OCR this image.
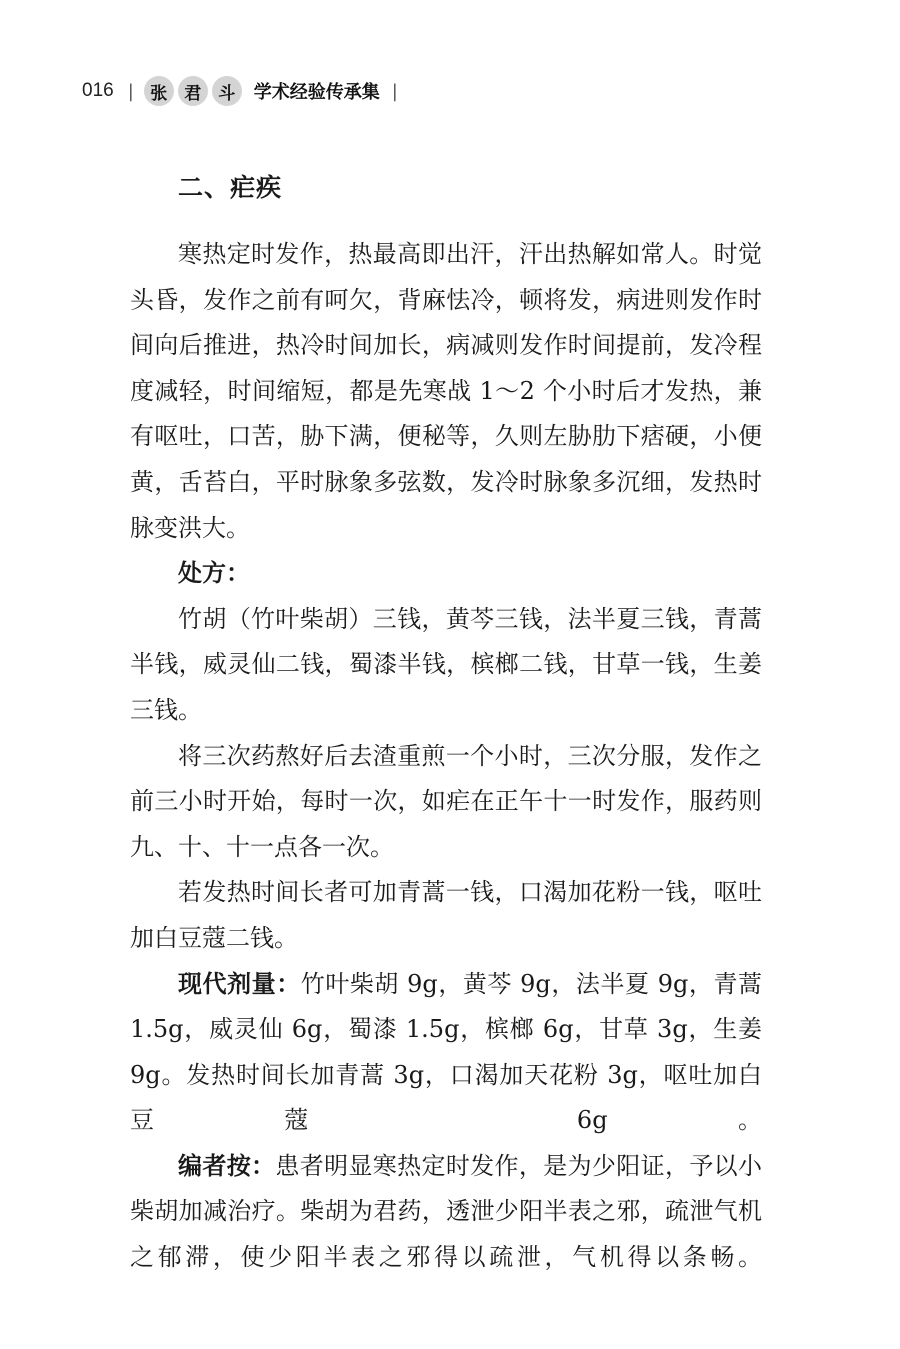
016 | 张	君	斗	学术经验传承集 |
二、疟疾

寒热定时发作，热最高即出汗，汗出热解如常人。时觉头昏，发作之前有呵欠，背麻怯冷，顿将发，病进则发作时间向后推进，热冷时间加长，病减则发作时间提前，发冷程度减轻，时间缩短，都是先寒战 1～2 个小时后才发热，兼有呕吐，口苦，胁下满，便秘等，久则左胁肋下痞硬，小便黄，舌苔白，平时脉象多弦数，发冷时脉象多沉细，发热时脉变洪大。

处方：

竹胡（竹叶柴胡）三钱，黄芩三钱，法半夏三钱，青蒿半钱，威灵仙二钱，蜀漆半钱，槟榔二钱，甘草一钱，生姜三钱。

将三次药熬好后去渣重煎一个小时，三次分服，发作之前三小时开始，每时一次，如疟在正午十一时发作，服药则九、十、十一点各一次。

若发热时间长者可加青蒿一钱，口渴加花粉一钱，呕吐加白豆蔻二钱。

现代剂量：竹叶柴胡 9g，黄芩 9g，法半夏 9g，青蒿 1.5g，威灵仙 6g，蜀漆 1.5g，槟榔 6g，甘草 3g，生姜 9g。发热时间长加青蒿 3g，口渴加天花粉 3g，呕吐加白豆蔻 6g。

编者按：患者明显寒热定时发作，是为少阳证，予以小柴胡加减治疗。柴胡为君药，透泄少阳半表之邪，疏泄气机之郁滞，使少阳半表之邪得以疏泄，气机得以条畅。
